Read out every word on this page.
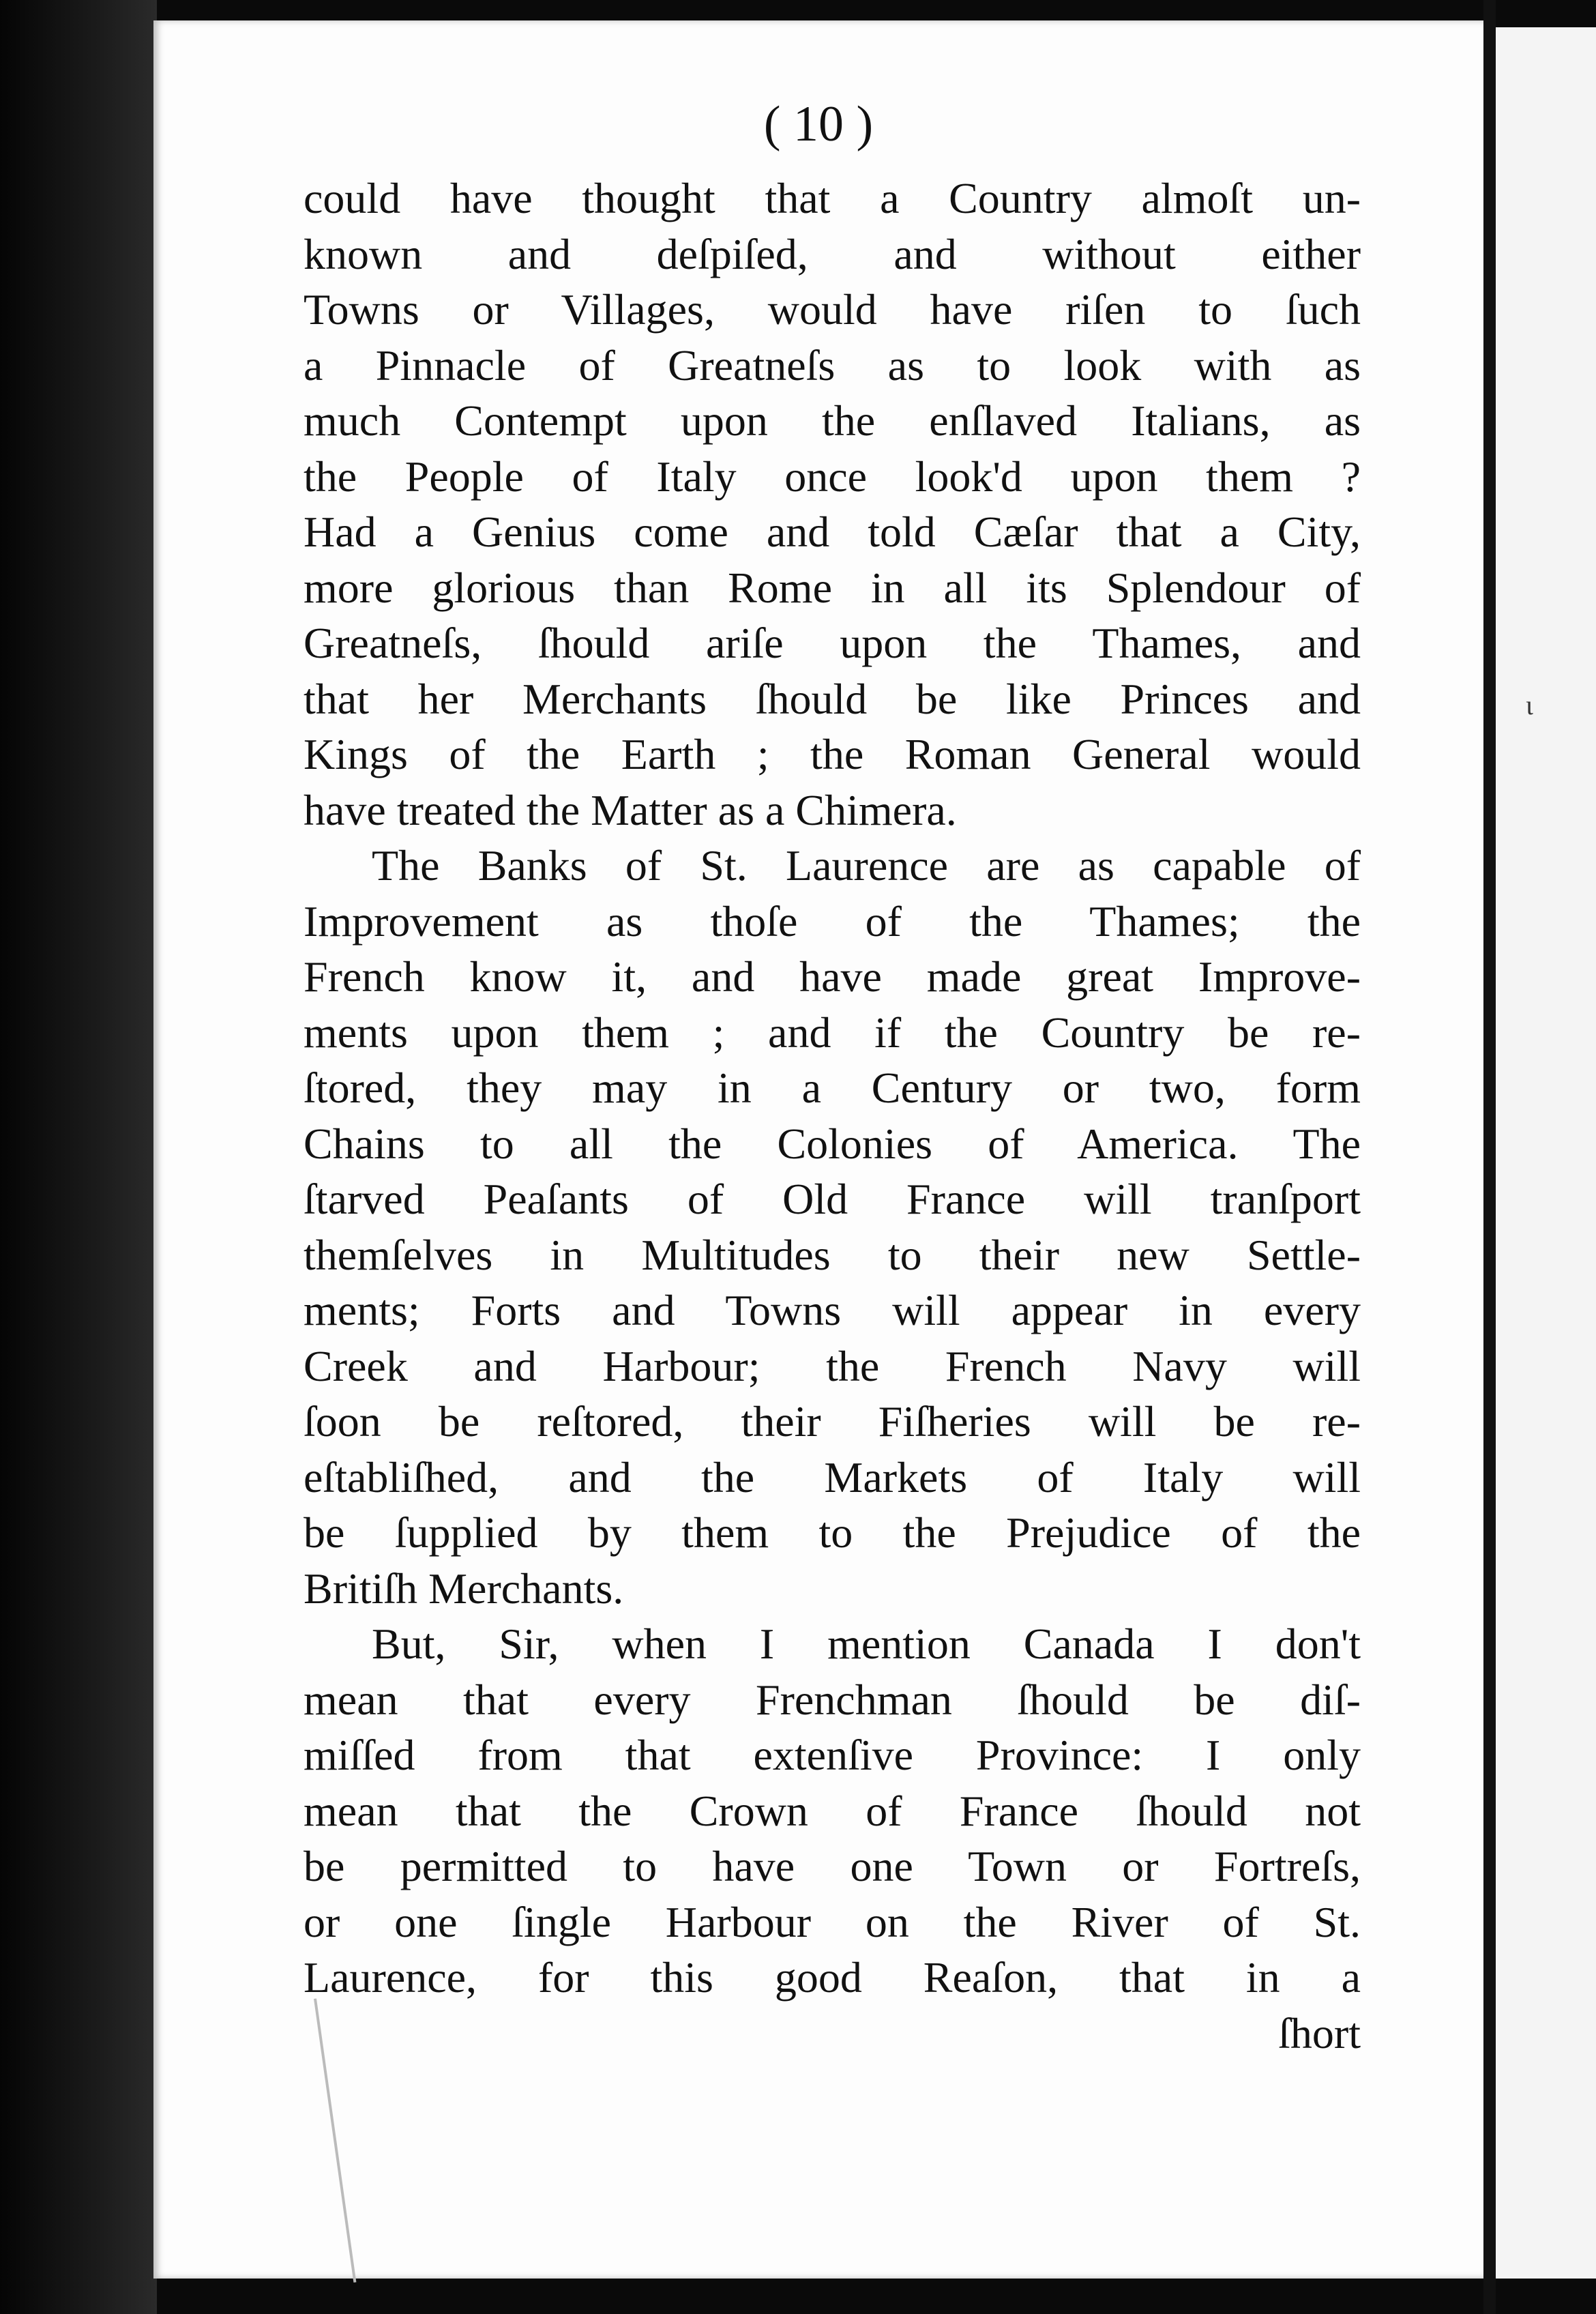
( 10 )
could have thought that a Country almoſt un-
known and deſpiſed, and without either
Towns or Villages, would have riſen to ſuch
a Pinnacle of Greatneſs as to look with as
much Contempt upon the enſlaved Italians, as
the People of Italy once look'd upon them ?
Had a Genius come and told Cæſar that a City,
more glorious than Rome in all its Splendour of
Greatneſs, ſhould ariſe upon the Thames, and
that her Merchants ſhould be like Princes and
Kings of the Earth ; the Roman General would
have treated the Matter as a Chimera.
The Banks of St. Laurence are as capable of
Improvement as thoſe of the Thames; the
French know it, and have made great Improve-
ments upon them ; and if the Country be re-
ſtored, they may in a Century or two, form
Chains to all the Colonies of America. The
ſtarved Peaſants of Old France will tranſport
themſelves in Multitudes to their new Settle-
ments; Forts and Towns will appear in every
Creek and Harbour; the French Navy will
ſoon be reſtored, their Fiſheries will be re-
eſtabliſhed, and the Markets of Italy will
be ſupplied by them to the Prejudice of the
Britiſh Merchants.
But, Sir, when I mention Canada I don't
mean that every Frenchman ſhould be diſ-
miſſed from that extenſive Province: I only
mean that the Crown of France ſhould not
be permitted to have one Town or Fortreſs,
or one ſingle Harbour on the River of St.
Laurence, for this good Reaſon, that in a
ſhort
ι
